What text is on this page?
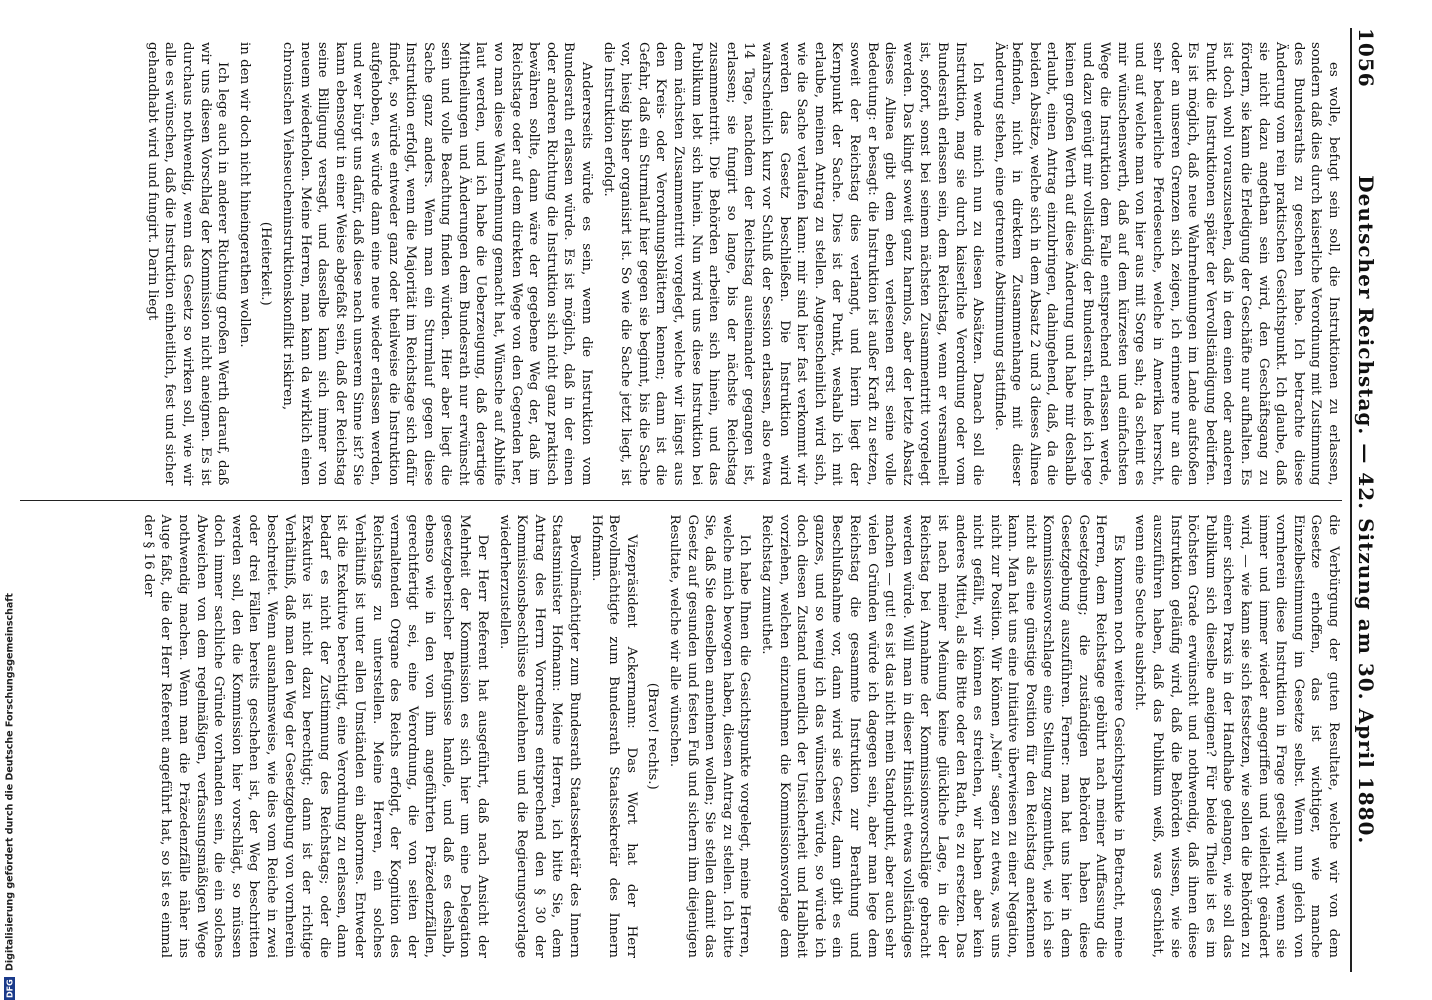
1056
Deutscher Reichstag. — 42. Sitzung am 30. April 1880.

es wolle, befugt sein soll, die Instruktionen zu erlassen, sondern daß dies durch kaiserliche Verordnung mit Zustimmung des Bundesraths zu geschehen habe. Ich betrachte diese Änderung vom rein praktischen Gesichtspunkt. Ich glaube, daß sie nicht dazu angethan sein wird, den Geschäftsgang zu fördern, sie kann die Erledigung der Geschäfte nur aufhalten. Es ist doch wohl vorauszusehen, daß in dem einen oder anderen Punkt die Instruktionen später der Vervollständigung bedürfen. Es ist möglich, daß neue Wahrnehmungen im Lande aufstoßen oder an unseren Grenzen sich zeigen, ich erinnere nur an die sehr bedauerliche Pferdeseuche, welche in Amerika herrscht, und auf welche man von hier aus mit Sorge sah; da scheint es mir wünschenswerth, daß auf dem kürzesten und einfachsten Wege die Instruktion dem Falle entsprechend erlassen werde, und dazu genügt mir vollständig der Bundesrath. Indeß ich lege keinen großen Werth auf diese Änderung und habe mir deshalb erlaubt, einen Antrag einzubringen, dahingehend, daß, da die beiden Absätze, welche sich in dem Absatz 2 und 3 dieses Alinea befinden, nicht in direktem Zusammenhange mit dieser Änderung stehen, eine getrennte Abstimmung stattfinde.

Ich wende mich nun zu diesen Absätzen. Danach soll die Instruktion, mag sie durch kaiserliche Verordnung oder vom Bundesrath erlassen sein, dem Reichstag, wenn er versammelt ist, sofort, sonst bei seinem nächsten Zusammentritt vorgelegt werden. Das klingt soweit ganz harmlos, aber der letzte Absatz dieses Alinea gibt dem eben verlesenen erst seine volle Bedeutung: er besagt: die Instruktion ist außer Kraft zu setzen, soweit der Reichstag dies verlangt, und hierin liegt der Kernpunkt der Sache. Dies ist der Punkt, weshalb ich mit erlaube, meinen Antrag zu stellen. Augenscheinlich wird sich, wie die Sache verlaufen kann: mir sind hier fast verkommt wir werden das Gesetz beschließen. Die Instruktion wird wahrscheinlich kurz vor Schluß der Session erlassen, also etwa 14 Tage, nachdem der Reichstag auseinander gegangen ist, erlassen; sie fungirt so lange, bis der nächste Reichstag zusammentritt. Die Behörden arbeiten sich hinein, und das Publikum lebt sich hinein. Nun wird uns diese Instruktion bei dem nächsten Zusammentritt vorgelegt, welche wir längst aus den Kreis- oder Verordnungsblättern kennen; dann ist die Gefahr, daß ein Sturmlauf hier gegen sie beginnt, bis die Sache vor, hiesig bisher organisirt ist. So wie die Sache jetzt liegt, ist die Instruktion erfolgt.

Andererseits würde es sein, wenn die Instruktion vom Bundesrath erlassen würde. Es ist möglich, daß in der einen oder anderen Richtung die Instruktion sich nicht ganz praktisch bewähren sollte, dann wäre der gegebene Weg der, daß im Reichstage oder auf dem direkten Wege von den Gegenden her, wo man diese Wahrnehmung gemacht hat, Wünsche auf Abhilfe laut werden, und ich habe die Ueberzeugung, daß derartige Mittheilungen und Änderungen dem Bundesrath nur erwünscht sein und volle Beachtung finden würden. Hier aber liegt die Sache ganz anders. Wenn man ein Sturmlauf gegen diese Instruktion erfolgt, wenn die Majorität im Reichstage sich dafür findet, so würde entweder ganz oder theilweise die Instruktion aufgehoben, es würde dann eine neue wieder erlassen werden, und wer bürgt uns dafür, daß diese nach unserem Sinne ist? Sie kann ebensogut in einer Weise abgefaßt sein, daß der Reichstag seine Billigung versagt, und dasselbe kann sich immer von neuem wiederholen. Meine Herren, man kann da wirklich einen chronischen Viehseucheninstruktionskonflikt riskiren,

(Heiterkeit.)

in den wir doch nicht hineingerathen wollen.

Ich lege auch in anderer Richtung großen Werth darauf, daß wir uns diesen Vorschlag der Kommission nicht aneignen. Es ist durchaus nothwendig, wenn das Gesetz so wirken soll, wie wir alle es wünschen, daß die Instruktion einheitlich, fest und sicher gehandhabt wird und fungirt. Darin liegt

die Verbürgung der guten Resultate, welche wir von dem Gesetze erhoffen, das ist wichtiger, wie manche Einzelbestimmung im Gesetze selbst. Wenn nun gleich von vornherein diese Instruktion in Frage gestellt wird, wenn sie immer und immer wieder angegriffen und vielleicht geändert wird, — wie kann sie sich festsetzen, wie sollen die Behörden zu einer sicheren Praxis in der Handhabe gelangen, wie soll das Publikum sich dieselbe aneignen? Für beide Theile ist es im höchsten Grade erwünscht und nothwendig, daß ihnen diese Instruktion geläufig wird, daß die Behörden wissen, wie sie auszuführen haben, daß das Publikum weiß, was geschieht, wenn eine Seuche ausbricht.

Es kommen noch weitere Gesichtspunkte in Betracht, meine Herren, dem Reichstage gebührt nach meiner Auffassung die Gesetzgebung; die zuständigen Behörden haben diese Gesetzgebung auszuführen. Ferner: man hat uns hier in dem Kommissionsvorschlage eine Stellung zugemuthet, wie ich sie nicht als eine günstige Position für den Reichstag anerkennen kann. Man hat uns eine Initiative überwiesen zu einer Negation, nicht zur Position. Wir können „Nein“ sagen zu etwas, was uns nicht gefällt, wir können es streichen, wir haben aber kein anderes Mittel, als die Bitte oder den Rath, es zu ersetzen. Das ist nach meiner Meinung keine glückliche Lage, in die der Reichstag bei Annahme der Kommissionsvorschläge gebracht werden würde. Will man in dieser Hinsicht etwas vollständiges machen — gut! es ist das nicht mein Standpunkt, aber auch sehr vielen Gründen würde ich dagegen sein, aber man lege dem Reichstag die gesammte Instruktion zur Berathung und Beschlußnahme vor, dann wird sie Gesetz, dann gibt es ein ganzes, und so wenig ich das wünschen würde, so würde ich doch diesen Zustand unendlich der Unsicherheit und Halbheit vorziehen, welchen einzunehmen die Kommissionsvorlage dem Reichstag zumuthet.

Ich habe Ihnen die Gesichtspunkte vorgelegt, meine Herren, welche mich bewogen haben, diesen Antrag zu stellen. Ich bitte Sie, daß Sie denselben annehmen wollen; Sie stellen damit das Gesetz auf gesunden und festen Fuß und sichern ihm diejenigen Resultate, welche wir alle wünschen.

(Bravo! rechts.)

Vizepräsident Ackermann: Das Wort hat der Herr Bevollmächtigte zum Bundesrath Staatssekretär des Innern Hofmann.

Bevollmächtigter zum Bundesrath Staatssekretär des Innern Staatsminister Hofmann: Meine Herren, ich bitte Sie, dem Antrag des Herrn Vorredners entsprechend den § 30 der Kommissionsbeschlüsse abzulehnen und die Regierungsvorlage wiederherzustellen.

Der Herr Referent hat ausgeführt, daß nach Ansicht der Mehrheit der Kommission es sich hier um eine Delegation gesetzgeberischer Befugnisse handle, und daß es deshalb, ebenso wie in den von ihm angeführten Präzedenzfällen, gerechtfertigt sei, eine Verordnung, die von seiten der vermaltenden Organe des Reichs erfolgt, der Kognition des Reichstags zu unterstellen. Meine Herren, ein solches Verhältniß ist unter allen Umständen ein abnormes. Entweder ist die Exekutive berechtigt, eine Verordnung zu erlassen, dann bedarf es nicht der Zustimmung des Reichstags; oder die Exekutive ist nicht dazu berechtigt; dann ist der richtige Verhältniß, daß man den Weg der Gesetzgebung von vornherein beschreitet. Wenn ausnahmsweise, wie dies vom Reiche in zwei oder drei Fällen bereits geschehen ist, der Weg beschritten werden soll, den die Kommission hier vorschlägt, so müssen doch immer sachliche Gründe vorhanden sein, die ein solches Abweichen von dem regelmäßigen, verfassungsmäßigen Wege nothwendig machen. Wenn man die Präzedenzfälle näher ins Auge faßt, die der Herr Referent angeführt hat, so ist es einmal der § 16 der

DFG
Digitalisierung gefördert durch die Deutsche Forschungsgemeinschaft
